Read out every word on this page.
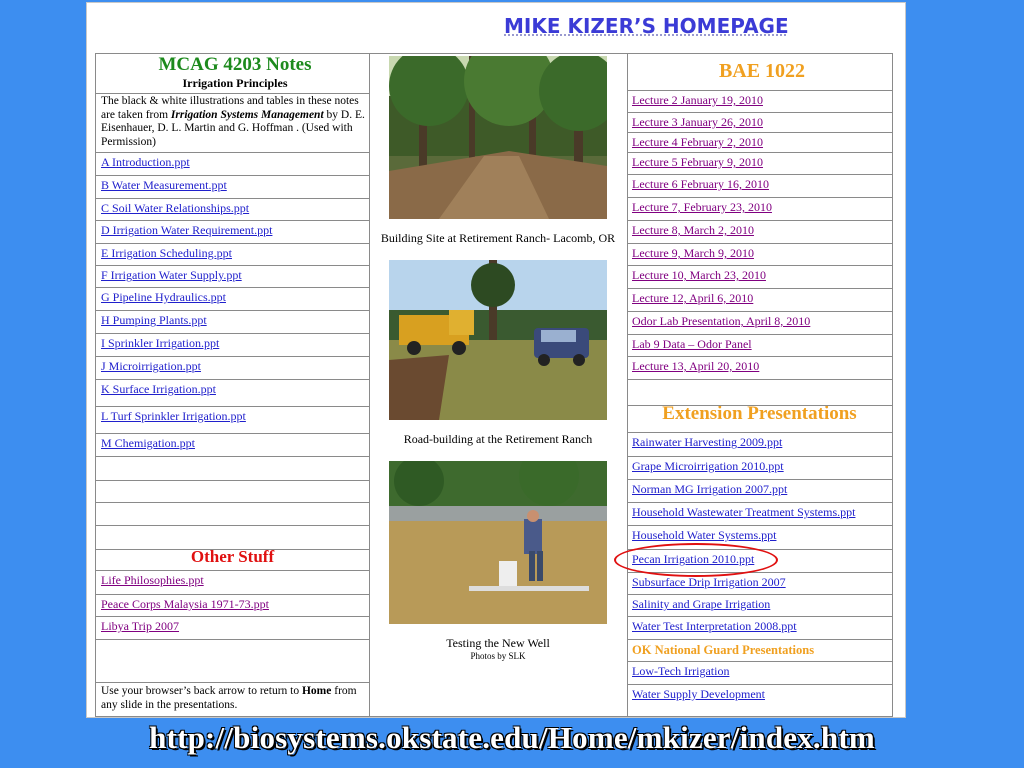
MIKE KIZER’S HOMEPAGE
MCAG 4203 Notes
Irrigation Principles
The black & white illustrations and tables in these notes are taken from Irrigation Systems Management by D. E. Eisenhauer, D. L. Martin and G. Hoffman . (Used with Permission)
A Introduction.ppt
B Water Measurement.ppt
C Soil Water Relationships.ppt
D Irrigation Water Requirement.ppt
E Irrigation Scheduling.ppt
F Irrigation Water Supply.ppt
G Pipeline Hydraulics.ppt
H Pumping Plants.ppt
I Sprinkler Irrigation.ppt
J Microirrigation.ppt
K Surface Irrigation.ppt
L Turf Sprinkler Irrigation.ppt
M Chemigation.ppt
Other Stuff
Life Philosophies.ppt
Peace Corps Malaysia 1971-73.ppt
Libya Trip 2007
Use your browser’s back arrow to return to Home from any slide in the presentations.
Building Site at Retirement Ranch- Lacomb, OR
Road-building at the Retirement Ranch
Testing the New Well
Photos by SLK
BAE 1022
Lecture 2 January 19, 2010
Lecture 3 January 26, 2010
Lecture 4 February 2, 2010
Lecture 5 February 9, 2010
Lecture 6 February 16, 2010
Lecture 7, February 23, 2010
Lecture 8, March 2, 2010
Lecture 9, March 9, 2010
Lecture 10, March 23, 2010
Lecture 12, April 6, 2010
Odor Lab Presentation, April 8, 2010
Lab 9 Data – Odor Panel
Lecture 13, April 20, 2010
Extension Presentations
Rainwater Harvesting 2009.ppt
Grape Microirrigation 2010.ppt
Norman MG Irrigation 2007.ppt
Household Wastewater Treatment Systems.ppt
Household Water Systems.ppt
Pecan Irrigation 2010.ppt
Subsurface Drip Irrigation 2007
Salinity and Grape Irrigation
Water Test Interpretation 2008.ppt
OK National Guard Presentations
Low-Tech Irrigation
Water Supply Development
http://biosystems.okstate.edu/Home/mkizer/index.htm
